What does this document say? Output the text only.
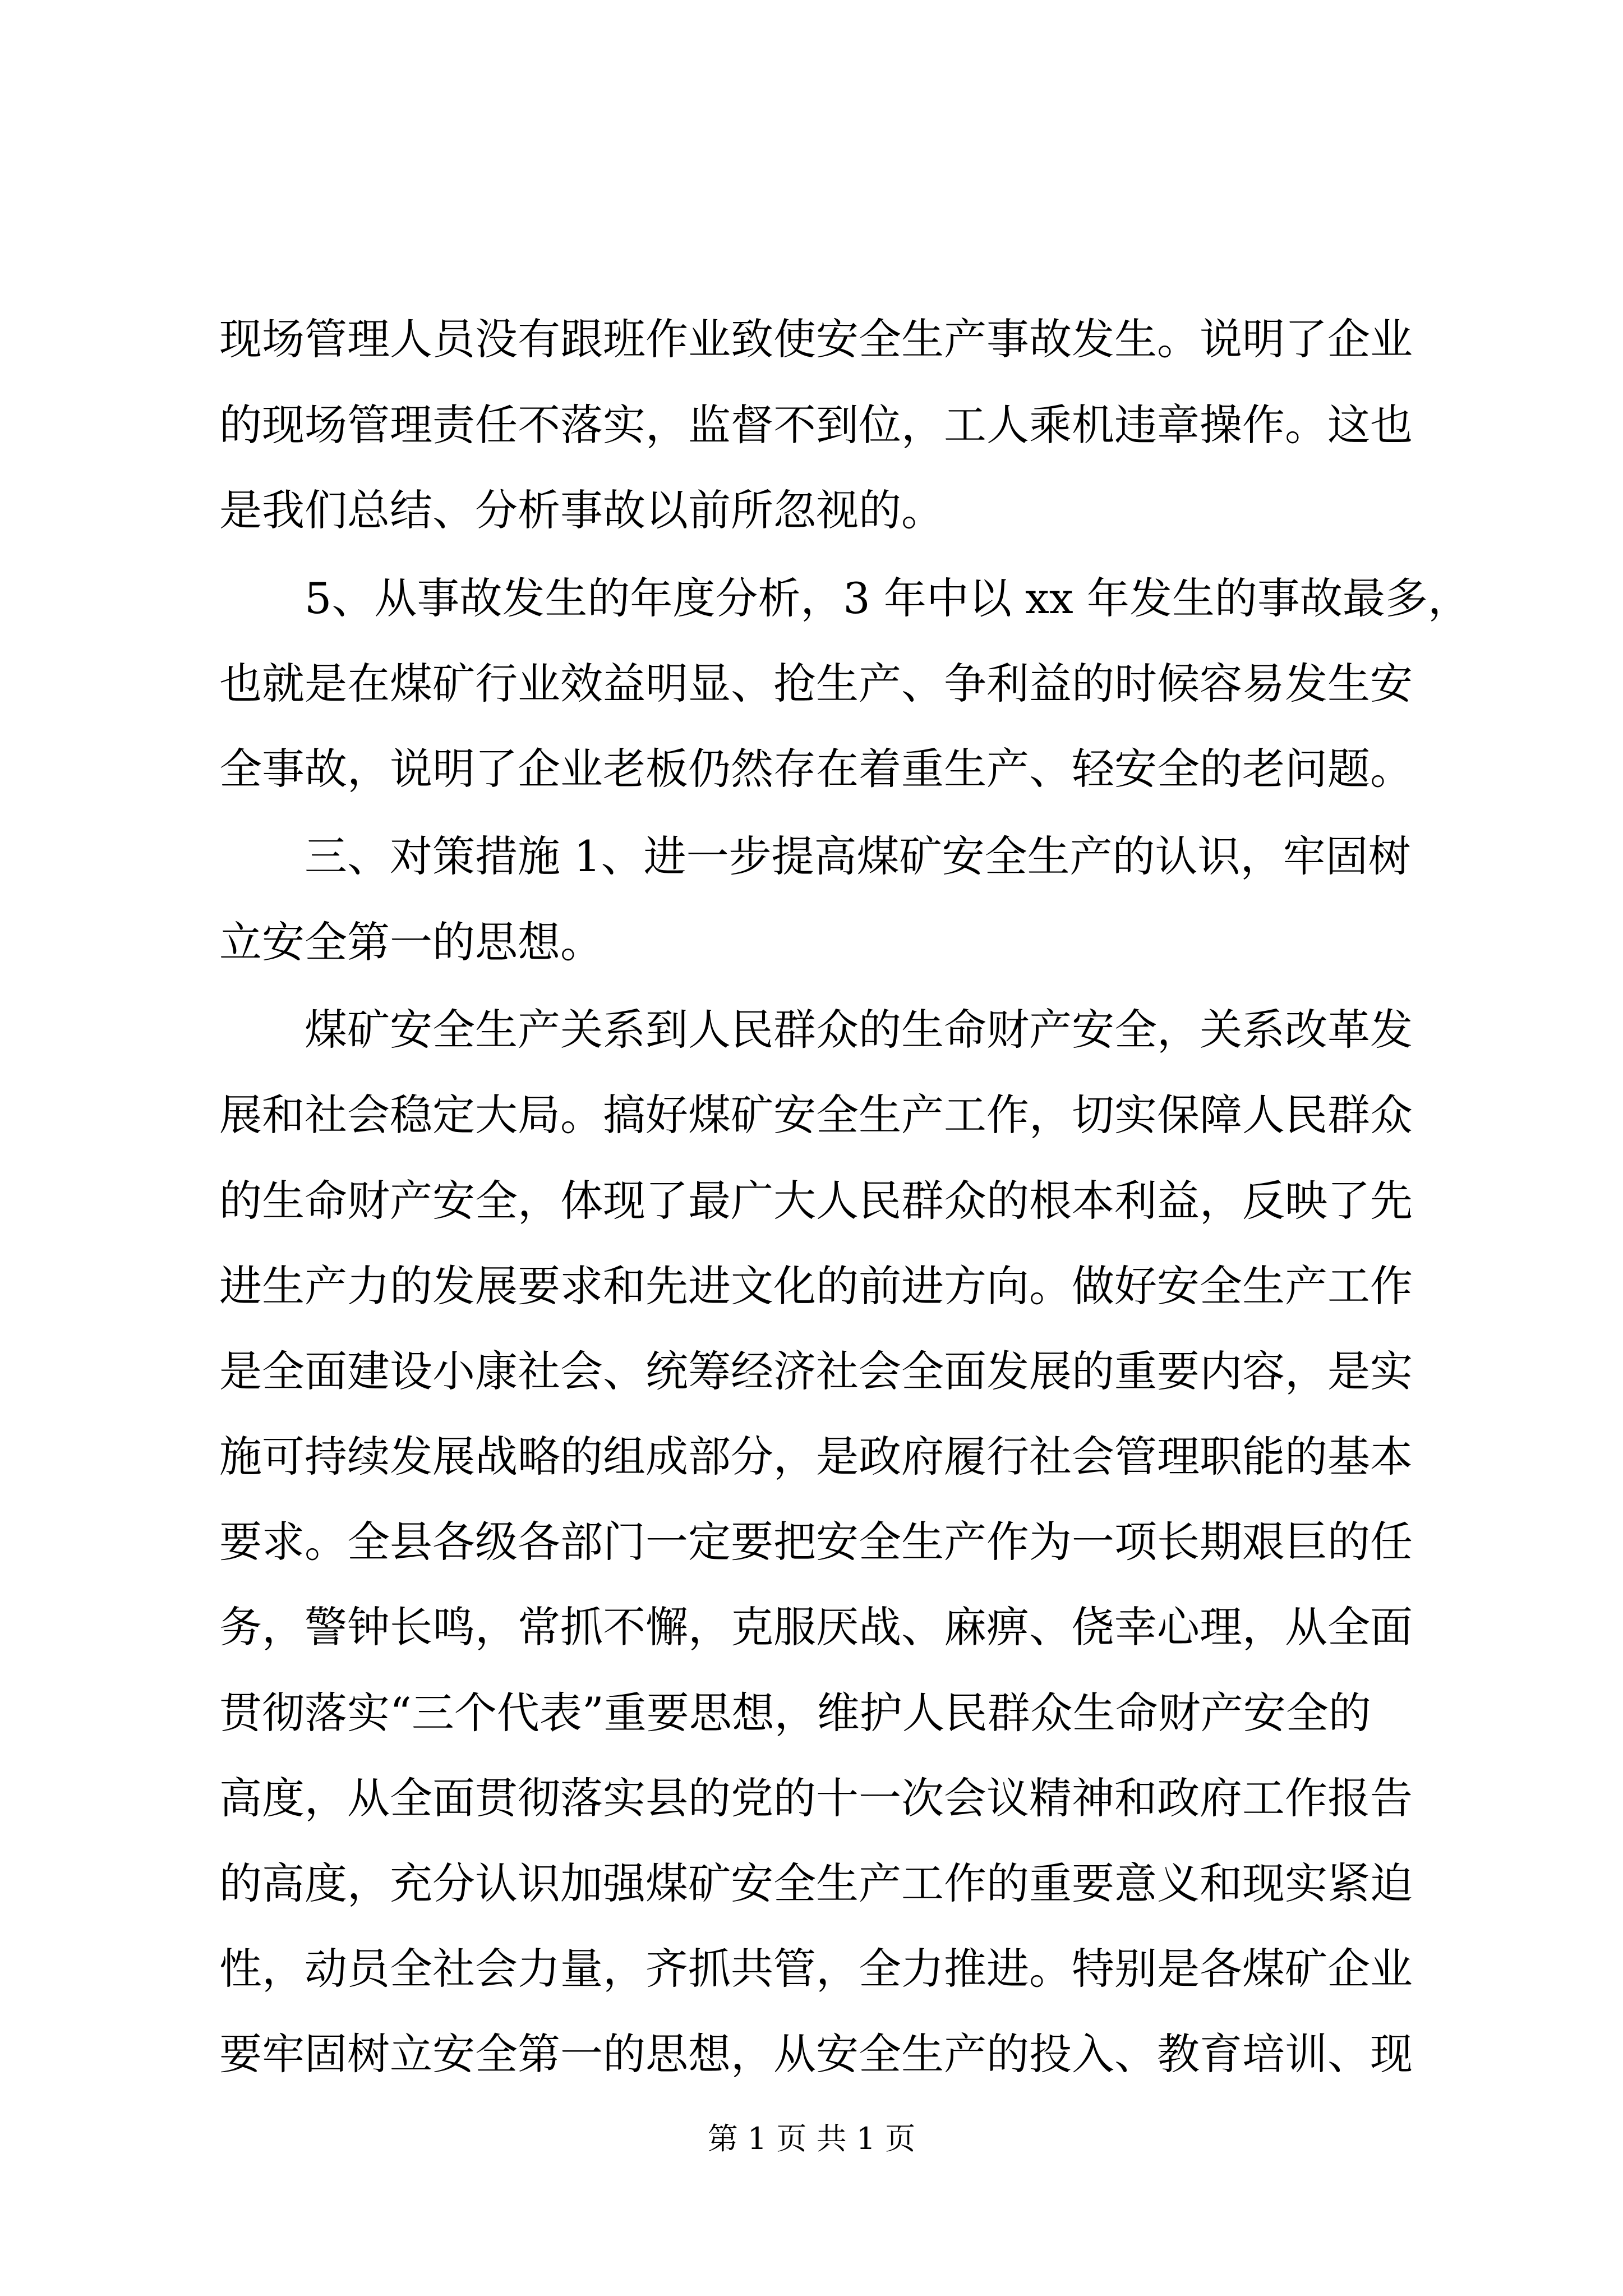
现场管理人员没有跟班作业致使安全生产事故发生。说明了企业
的现场管理责任不落实，监督不到位，工人乘机违章操作。这也
是我们总结、分析事故以前所忽视的。
5、从事故发生的年度分析，3 年中以 xx 年发生的事故最多，
也就是在煤矿行业效益明显、抢生产、争利益的时候容易发生安
全事故，说明了企业老板仍然存在着重生产、轻安全的老问题。
三、对策措施 1、进一步提高煤矿安全生产的认识，牢固树
立安全第一的思想。
煤矿安全生产关系到人民群众的生命财产安全，关系改革发
展和社会稳定大局。搞好煤矿安全生产工作，切实保障人民群众
的生命财产安全，体现了最广大人民群众的根本利益，反映了先
进生产力的发展要求和先进文化的前进方向。做好安全生产工作
是全面建设小康社会、统筹经济社会全面发展的重要内容，是实
施可持续发展战略的组成部分，是政府履行社会管理职能的基本
要求。全县各级各部门一定要把安全生产作为一项长期艰巨的任
务，警钟长鸣，常抓不懈，克服厌战、麻痹、侥幸心理，从全面
贯彻落实“三个代表”重要思想，维护人民群众生命财产安全的
高度，从全面贯彻落实县的党的十一次会议精神和政府工作报告
的高度，充分认识加强煤矿安全生产工作的重要意义和现实紧迫
性，动员全社会力量，齐抓共管，全力推进。特别是各煤矿企业
要牢固树立安全第一的思想，从安全生产的投入、教育培训、现
第 1 页 共 1 页
